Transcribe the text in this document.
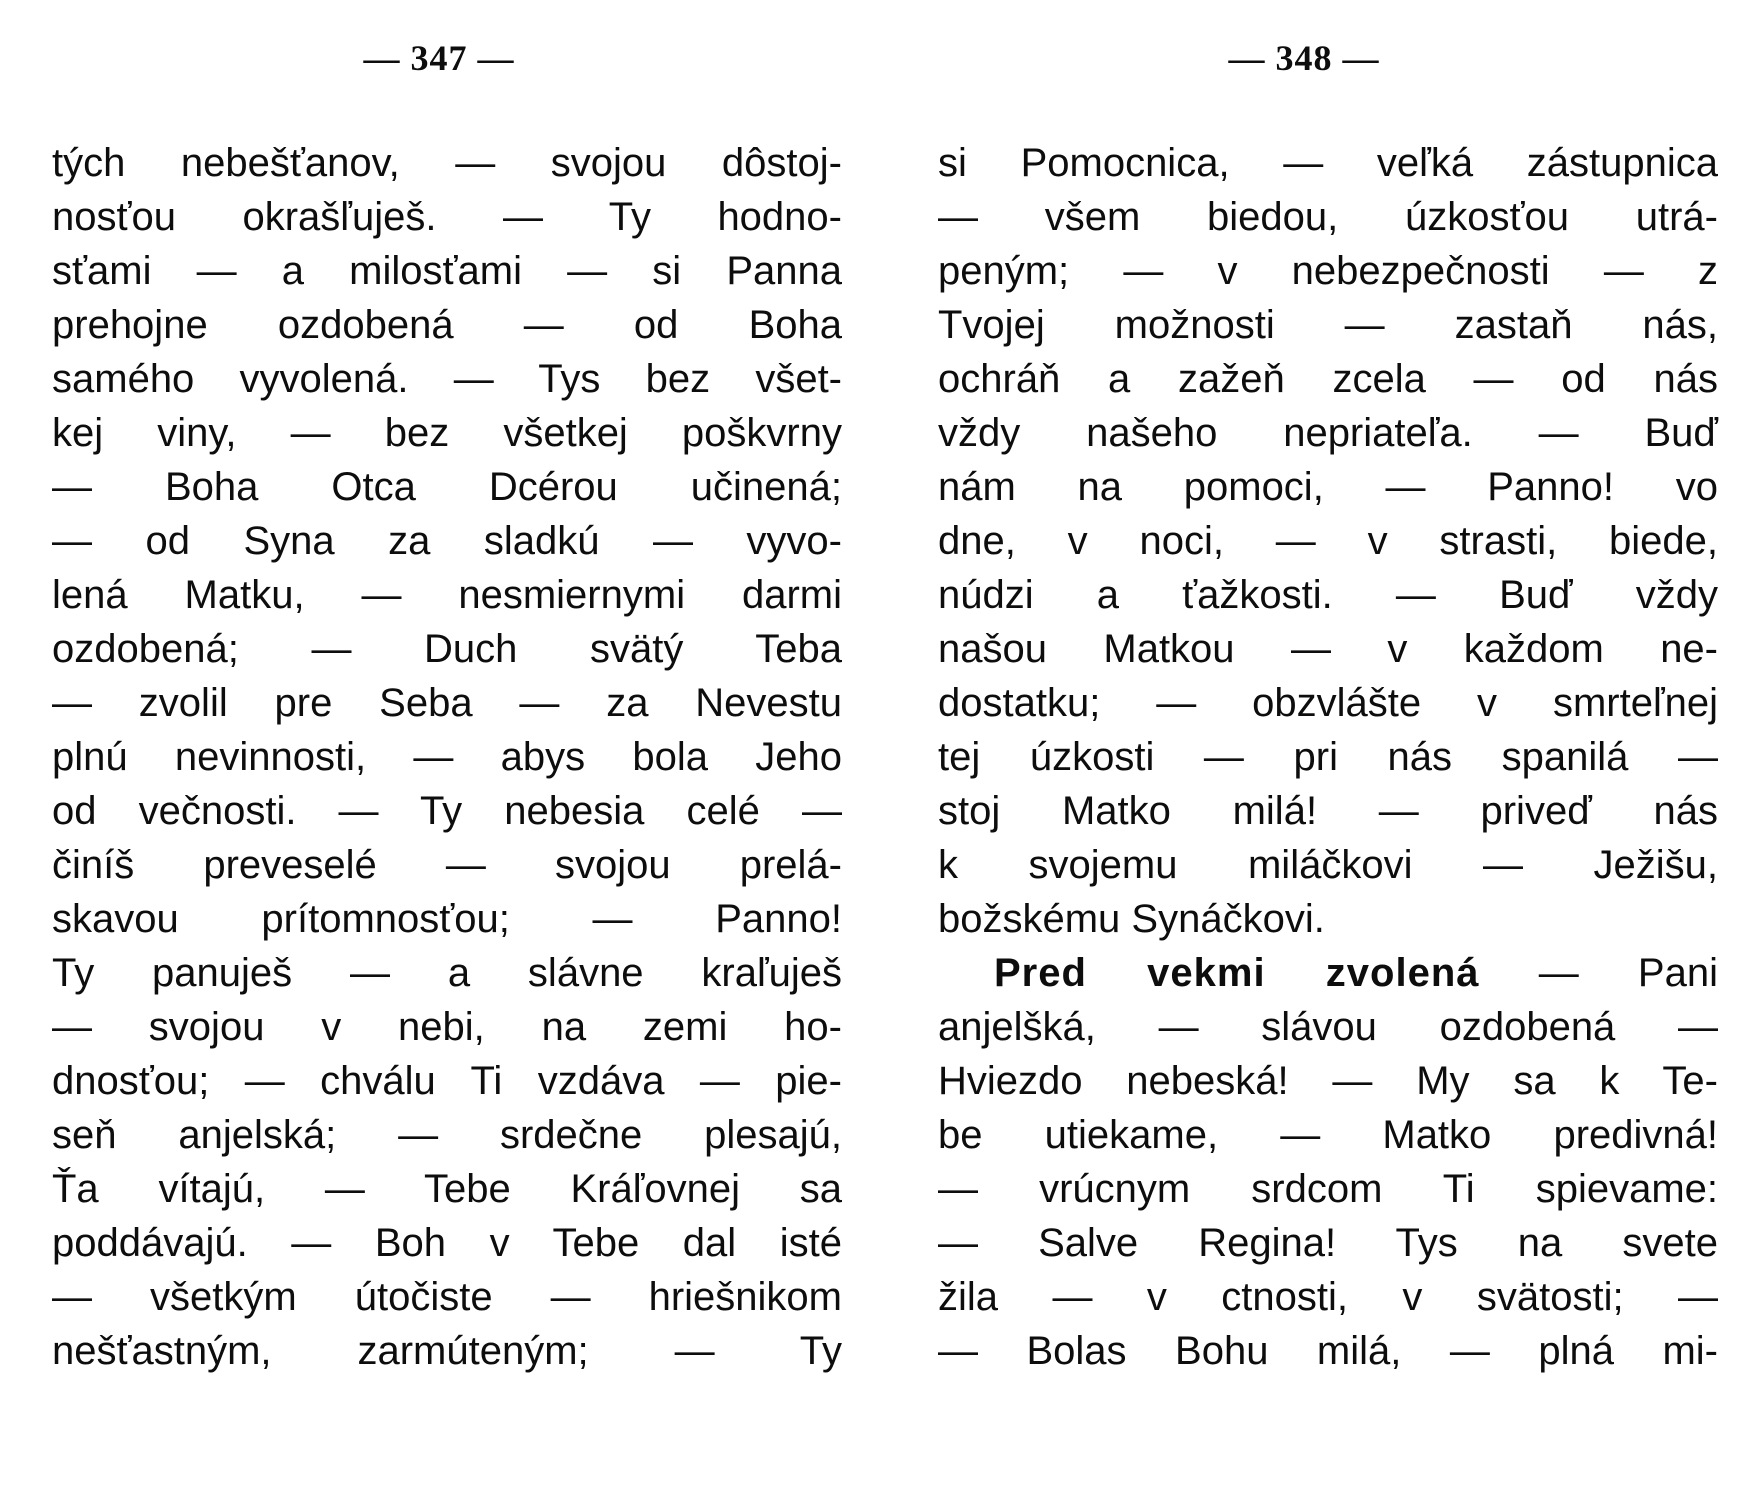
— 347 —
tých nebešťanov, — svojou dôstoj-
nosťou okrašľuješ. — Ty hodno-
sťami — a milosťami — si Panna
prehojne ozdobená — od Boha
samého vyvolená. — Tys bez všet-
kej viny, — bez všetkej poškvrny
— Boha Otca Dcérou učinená;
— od Syna za sladkú — vyvo-
lená Matku, — nesmiernymi darmi
ozdobená; — Duch svätý Teba
— zvolil pre Seba — za Nevestu
plnú nevinnosti, — abys bola Jeho
od večnosti. — Ty nebesia celé —
činíš preveselé — svojou prelá-
skavou prítomnosťou; — Panno!
Ty panuješ — a slávne kraľuješ
— svojou v nebi, na zemi ho-
dnosťou; — chválu Ti vzdáva — pie-
seň anjelská; — srdečne plesajú,
Ťa vítajú, — Tebe Kráľovnej sa
poddávajú. — Boh v Tebe dal isté
— všetkým útočiste — hriešnikom
nešťastným, zarmúteným; — Ty
— 348 —
si Pomocnica, — veľká zástupnica
— všem biedou, úzkosťou utrá-
peným; — v nebezpečnosti — z
Tvojej možnosti — zastaň nás,
ochráň a zažeň zcela — od nás
vždy našeho nepriateľa. — Buď
nám na pomoci, — Panno! vo
dne, v noci, — v strasti, biede,
núdzi a ťažkosti. — Buď vždy
našou Matkou — v každom ne-
dostatku; — obzvlášte v smrteľnej
tej úzkosti — pri nás spanilá —
stoj Matko milá! — priveď nás
k svojemu miláčkovi — Ježišu,
božskému Synáčkovi.
Pred vekmi zvolená — Pani
anjelšká, — slávou ozdobená —
Hviezdo nebeská! — My sa k Te-
be utiekame, — Matko predivná!
— vrúcnym srdcom Ti spievame:
— Salve Regina! Tys na svete
žila — v ctnosti, v svätosti; —
— Bolas Bohu milá, — plná mi-
